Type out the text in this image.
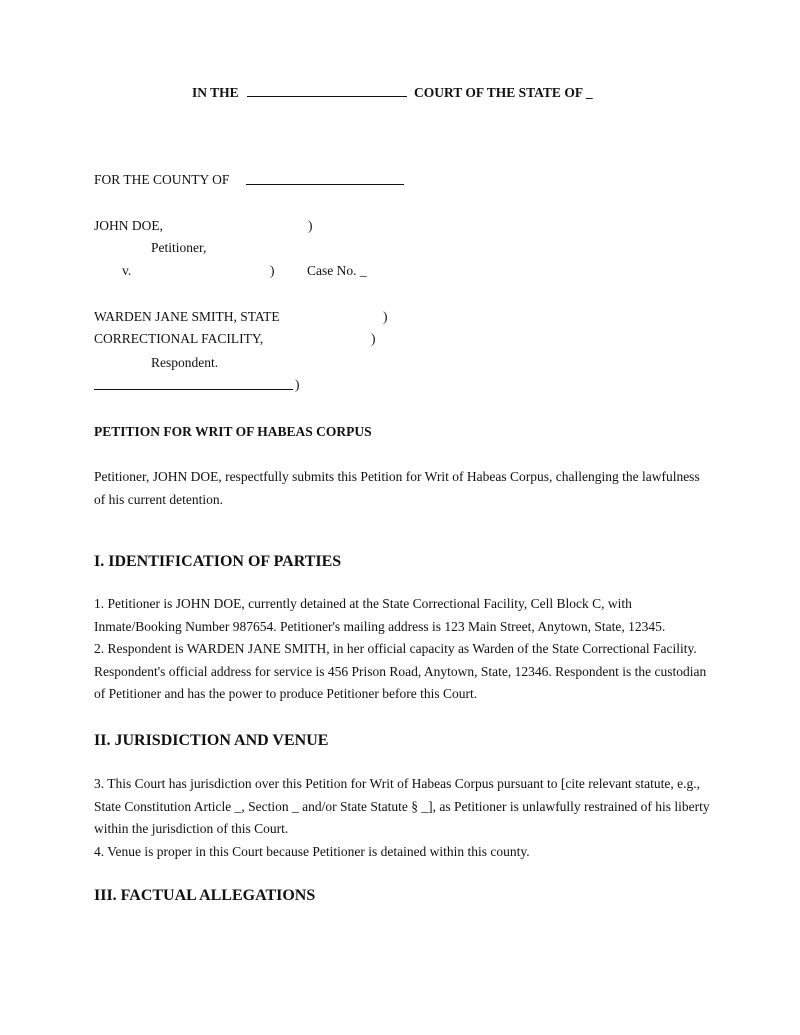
IN THE	COURT OF THE STATE OF _
FOR THE COUNTY OF
JOHN DOE,	)
Petitioner,
v.	) Case No. _
WARDEN JANE SMITH, STATE	)
CORRECTIONAL FACILITY,	)
Respondent.
)
PETITION FOR WRIT OF HABEAS CORPUS

Petitioner, JOHN DOE, respectfully submits this Petition for Writ of Habeas Corpus, challenging the lawfulness of his current detention.

I. IDENTIFICATION OF PARTIES

1. Petitioner is JOHN DOE, currently detained at the State Correctional Facility, Cell Block C, with Inmate/Booking Number 987654. Petitioner's mailing address is 123 Main Street, Anytown, State, 12345.

2. Respondent is WARDEN JANE SMITH, in her official capacity as Warden of the State Correctional Facility. Respondent's official address for service is 456 Prison Road, Anytown, State, 12346. Respondent is the custodian of Petitioner and has the power to produce Petitioner before this Court.

II. JURISDICTION AND VENUE

3. This Court has jurisdiction over this Petition for Writ of Habeas Corpus pursuant to [cite relevant statute, e.g., State Constitution Article _, Section _ and/or State Statute § _], as Petitioner is unlawfully restrained of his liberty within the jurisdiction of this Court.

4. Venue is proper in this Court because Petitioner is detained within this county.

III. FACTUAL ALLEGATIONS
